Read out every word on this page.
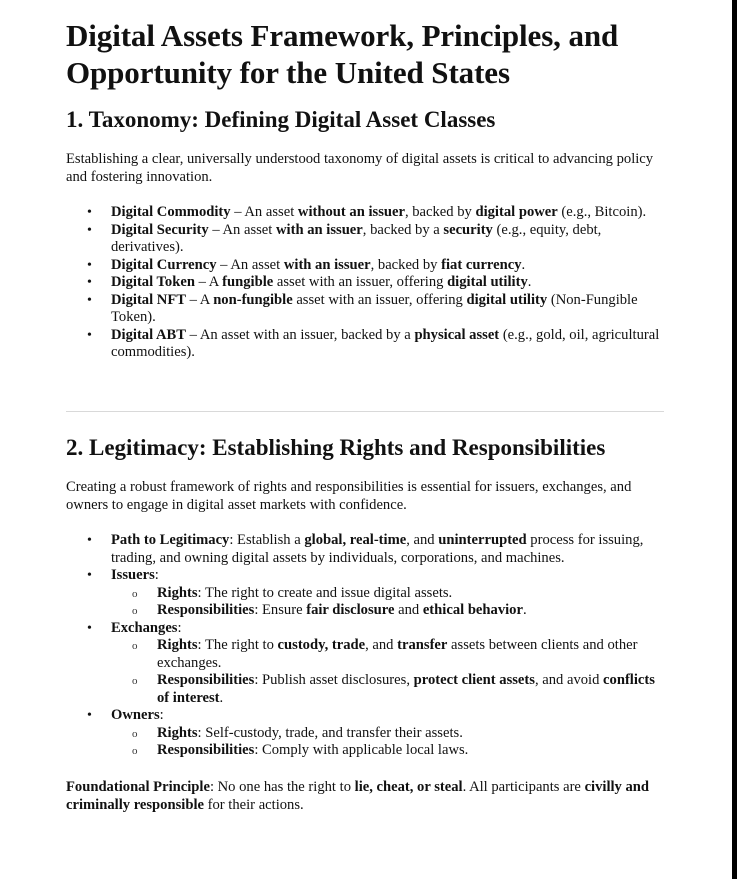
Digital Assets Framework, Principles, and Opportunity for the United States
1. Taxonomy: Defining Digital Asset Classes

Establishing a clear, universally understood taxonomy of digital assets is critical to advancing policy and fostering innovation.

• Digital Commodity – An asset without an issuer, backed by digital power (e.g., Bitcoin).
• Digital Security – An asset with an issuer, backed by a security (e.g., equity, debt, derivatives).
• Digital Currency – An asset with an issuer, backed by fiat currency.
• Digital Token – A fungible asset with an issuer, offering digital utility.
• Digital NFT – A non-fungible asset with an issuer, offering digital utility (Non-Fungible Token).
• Digital ABT – An asset with an issuer, backed by a physical asset (e.g., gold, oil, agricultural commodities).
2. Legitimacy: Establishing Rights and Responsibilities

Creating a robust framework of rights and responsibilities is essential for issuers, exchanges, and owners to engage in digital asset markets with confidence.

• Path to Legitimacy: Establish a global, real-time, and uninterrupted process for issuing, trading, and owning digital assets by individuals, corporations, and machines.
• Issuers:
o Rights: The right to create and issue digital assets.
o Responsibilities: Ensure fair disclosure and ethical behavior.
• Exchanges:
o Rights: The right to custody, trade, and transfer assets between clients and other exchanges.
o Responsibilities: Publish asset disclosures, protect client assets, and avoid conflicts of interest.
• Owners:
o Rights: Self-custody, trade, and transfer their assets.
o Responsibilities: Comply with applicable local laws.

Foundational Principle: No one has the right to lie, cheat, or steal. All participants are civilly and criminally responsible for their actions.
